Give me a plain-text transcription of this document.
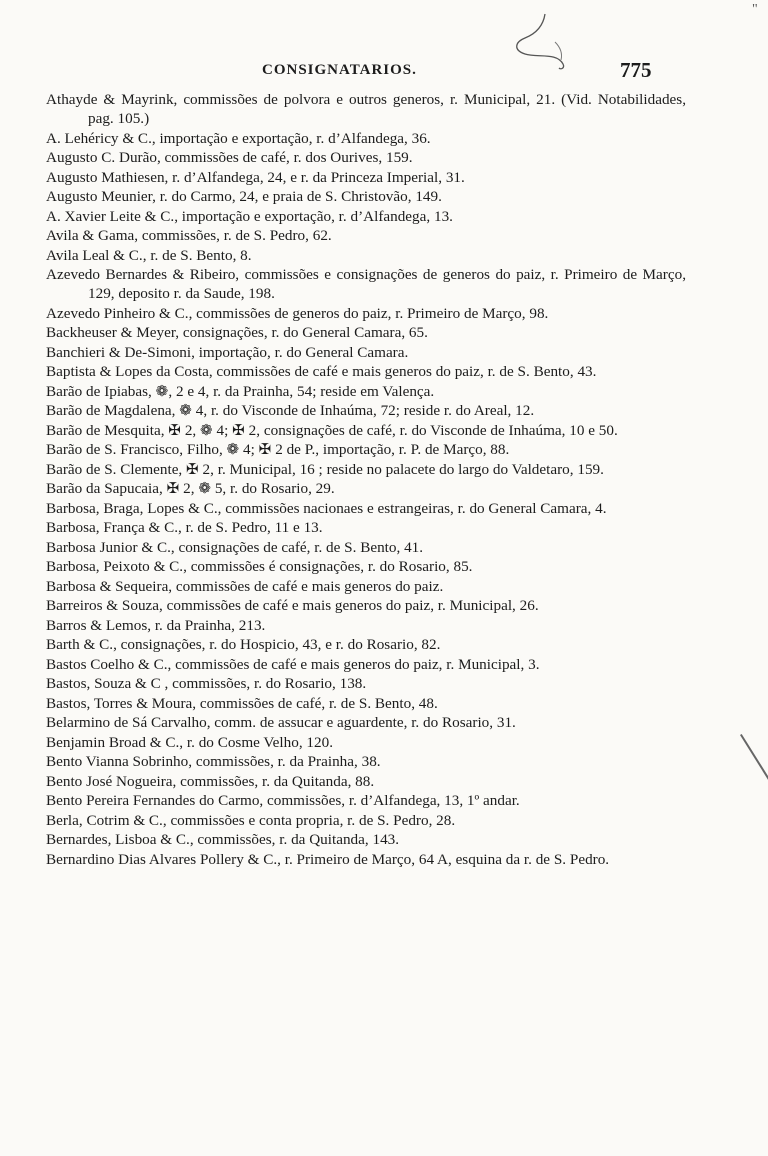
"
CONSIGNATARIOS.	775

Athayde & Mayrink, commissões de polvora e outros generos, r. Municipal, 21. (Vid. Notabilidades, pag. 105.)

A. Lehéricy & C., importação e exportação, r. d’Alfandega, 36.

Augusto C. Durão, commissões de café, r. dos Ourives, 159.

Augusto Mathiesen, r. d’Alfandega, 24, e r. da Princeza Imperial, 31.

Augusto Meunier, r. do Carmo, 24, e praia de S. Christovão, 149.

A. Xavier Leite & C., importação e exportação, r. d’Alfandega, 13.

Avila & Gama, commissões, r. de S. Pedro, 62.

Avila Leal & C., r. de S. Bento, 8.

Azevedo Bernardes & Ribeiro, commissões e consignações de generos do paiz, r. Primeiro de Março, 129, deposito r. da Saude, 198.

Azevedo Pinheiro & C., commissões de generos do paiz, r. Primeiro de Março, 98.

Backheuser & Meyer, consignações, r. do General Camara, 65.

Banchieri & De-Simoni, importação, r. do General Camara.

Baptista & Lopes da Costa, commissões de café e mais generos do paiz, r. de S. Bento, 43.

Barão de Ipiabas, ❁, 2 e 4, r. da Prainha, 54; reside em Valença.

Barão de Magdalena, ❁ 4, r. do Visconde de Inhaúma, 72; reside r. do Areal, 12.

Barão de Mesquita, ✠ 2, ❁ 4; ✠ 2, consignações de café, r. do Visconde de Inhaúma, 10 e 50.

Barão de S. Francisco, Filho, ❁ 4; ✠ 2 de P., importação, r. P. de Março, 88.

Barão de S. Clemente, ✠ 2, r. Municipal, 16 ; reside no palacete do largo do Valdetaro, 159.

Barão da Sapucaia, ✠ 2, ❁ 5, r. do Rosario, 29.

Barbosa, Braga, Lopes & C., commissões nacionaes e estrangeiras, r. do General Camara, 4.

Barbosa, França & C., r. de S. Pedro, 11 e 13.

Barbosa Junior & C., consignações de café, r. de S. Bento, 41.

Barbosa, Peixoto & C., commissões é consignações, r. do Rosario, 85.

Barbosa & Sequeira, commissões de café e mais generos do paiz.

Barreiros & Souza, commissões de café e mais generos do paiz, r. Municipal, 26.

Barros & Lemos, r. da Prainha, 213.

Barth & C., consignações, r. do Hospicio, 43, e r. do Rosario, 82.

Bastos Coelho & C., commissões de café e mais generos do paiz, r. Municipal, 3.

Bastos, Souza & C , commissões, r. do Rosario, 138.

Bastos, Torres & Moura, commissões de café, r. de S. Bento, 48.

Belarmino de Sá Carvalho, comm. de assucar e aguardente, r. do Rosario, 31.

Benjamin Broad & C., r. do Cosme Velho, 120.

Bento Vianna Sobrinho, commissões, r. da Prainha, 38.

Bento José Nogueira, commissões, r. da Quitanda, 88.

Bento Pereira Fernandes do Carmo, commissões, r. d’Alfandega, 13, 1º andar.

Berla, Cotrim & C., commissões e conta propria, r. de S. Pedro, 28.

Bernardes, Lisboa & C., commissões, r. da Quitanda, 143.

Bernardino Dias Alvares Pollery & C., r. Primeiro de Março, 64 A, esquina da r. de S. Pedro.
